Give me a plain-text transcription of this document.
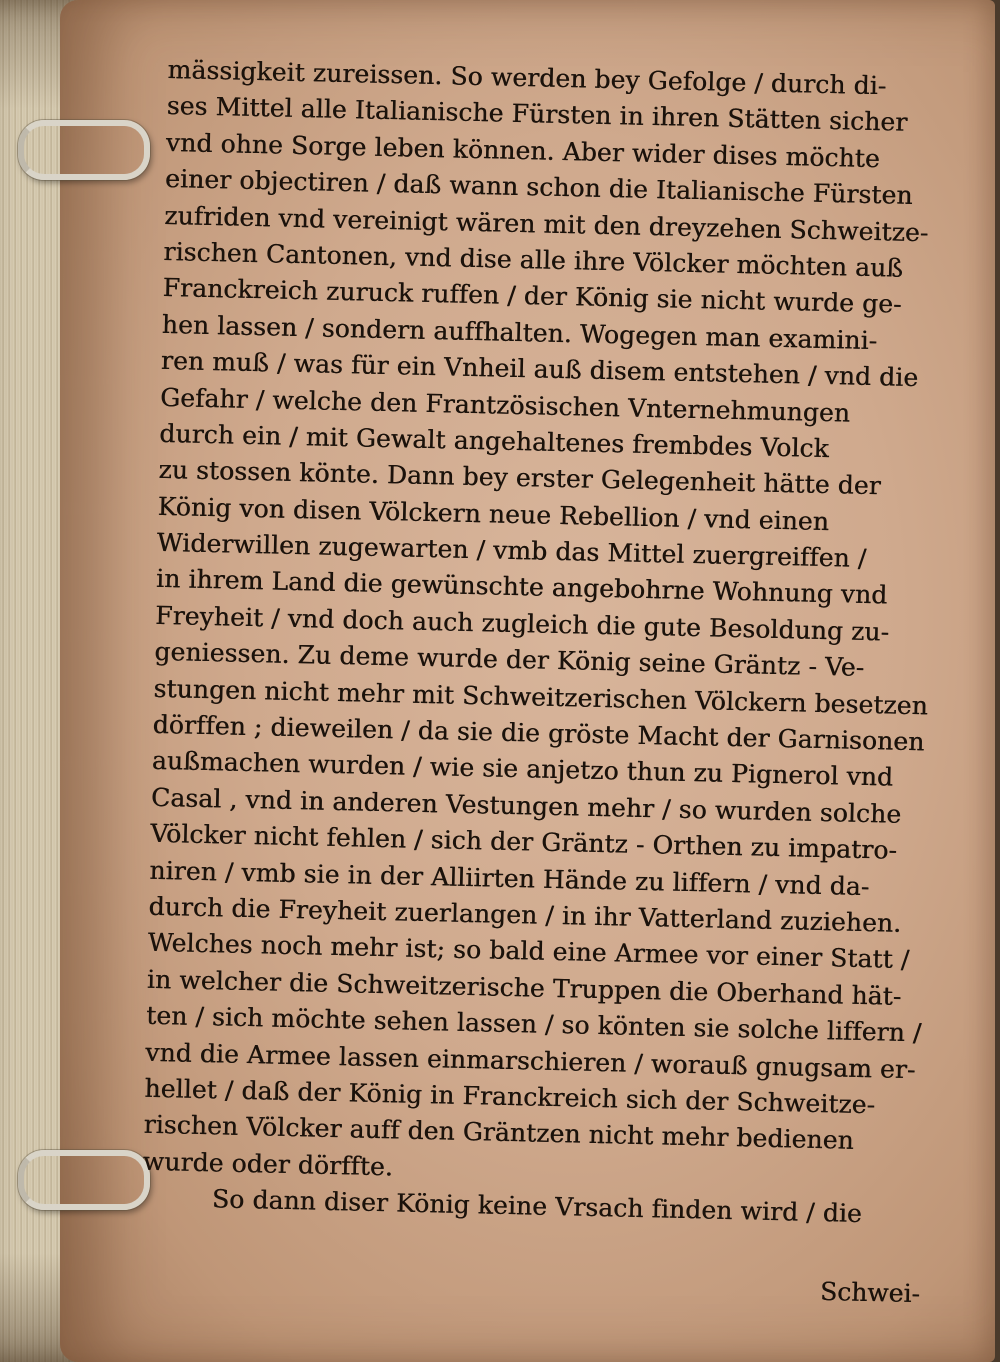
mässigkeit zureissen. So werden bey Gefolge / durch di-
ses Mittel alle Italianische Fürsten in ihren Stätten sicher
vnd ohne Sorge leben können. Aber wider dises möchte
einer objectiren / daß wann schon die Italianische Fürsten
zufriden vnd vereinigt wären mit den dreyzehen Schweitze-
rischen Cantonen, vnd dise alle ihre Völcker möchten auß
Franckreich zuruck ruffen / der König sie nicht wurde ge-
hen lassen / sondern auffhalten. Wogegen man examini-
ren muß / was für ein Vnheil auß disem entstehen / vnd die
Gefahr / welche den Frantzösischen Vnternehmungen
durch ein / mit Gewalt angehaltenes frembdes Volck
zu stossen könte. Dann bey erster Gelegenheit hätte der
König von disen Völckern neue Rebellion / vnd einen
Widerwillen zugewarten / vmb das Mittel zuergreiffen /
in ihrem Land die gewünschte angebohrne Wohnung vnd
Freyheit / vnd doch auch zugleich die gute Besoldung zu-
geniessen. Zu deme wurde der König seine Gräntz - Ve-
stungen nicht mehr mit Schweitzerischen Völckern besetzen
dörffen ; dieweilen / da sie die gröste Macht der Garnisonen
außmachen wurden / wie sie anjetzo thun zu Pignerol vnd
Casal , vnd in anderen Vestungen mehr / so wurden solche
Völcker nicht fehlen / sich der Gräntz - Orthen zu impatro-
niren / vmb sie in der Alliirten Hände zu liffern / vnd da-
durch die Freyheit zuerlangen / in ihr Vatterland zuziehen.
Welches noch mehr ist; so bald eine Armee vor einer Statt /
in welcher die Schweitzerische Truppen die Oberhand hät-
ten / sich möchte sehen lassen / so könten sie solche liffern /
vnd die Armee lassen einmarschieren / worauß gnugsam er-
hellet / daß der König in Franckreich sich der Schweitze-
rischen Völcker auff den Gräntzen nicht mehr bedienen
wurde oder dörffte.
So dann diser König keine Vrsach finden wird / die
Schwei-
